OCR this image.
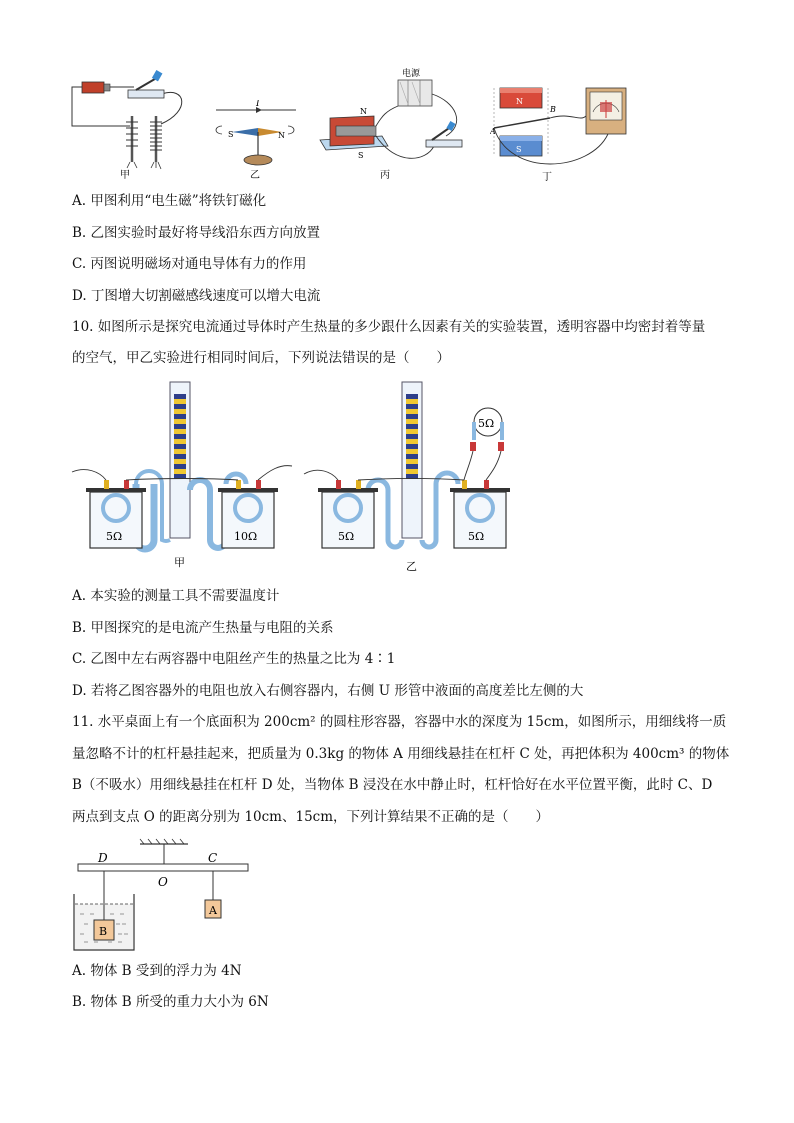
甲
I
S	N
乙
电源
N
S
丙
N
S
A
B
丁
A. 甲图利用“电生磁”将铁钉磁化
B. 乙图实验时最好将导线沿东西方向放置
C. 丙图说明磁场对通电导体有力的作用
D. 丁图增大切割磁感线速度可以增大电流
10. 如图所示是探究电流通过导体时产生热量的多少跟什么因素有关的实验装置，透明容器中均密封着等量
的空气，甲乙实验进行相同时间后，下列说法错误的是（　　）
5Ω	10Ω
甲
5Ω
5Ω	5Ω
乙
A. 本实验的测量工具不需要温度计
B. 甲图探究的是电流产生热量与电阻的关系
C. 乙图中左右两容器中电阻丝产生的热量之比为 4∶1
D. 若将乙图容器外的电阻也放入右侧容器内，右侧 U 形管中液面的高度差比左侧的大
11. 水平桌面上有一个底面积为 200cm² 的圆柱形容器，容器中水的深度为 15cm，如图所示，用细线将一质
量忽略不计的杠杆悬挂起来，把质量为 0.3kg 的物体 A 用细线悬挂在杠杆 C 处，再把体积为 400cm³ 的物体
B（不吸水）用细线悬挂在杠杆 D 处，当物体 B 浸没在水中静止时，杠杆恰好在水平位置平衡，此时 C、D
两点到支点 O 的距离分别为 10cm、15cm，下列计算结果不正确的是（　　）
D	C
O
A
B
A. 物体 B 受到的浮力为 4N
B. 物体 B 所受的重力大小为 6N
